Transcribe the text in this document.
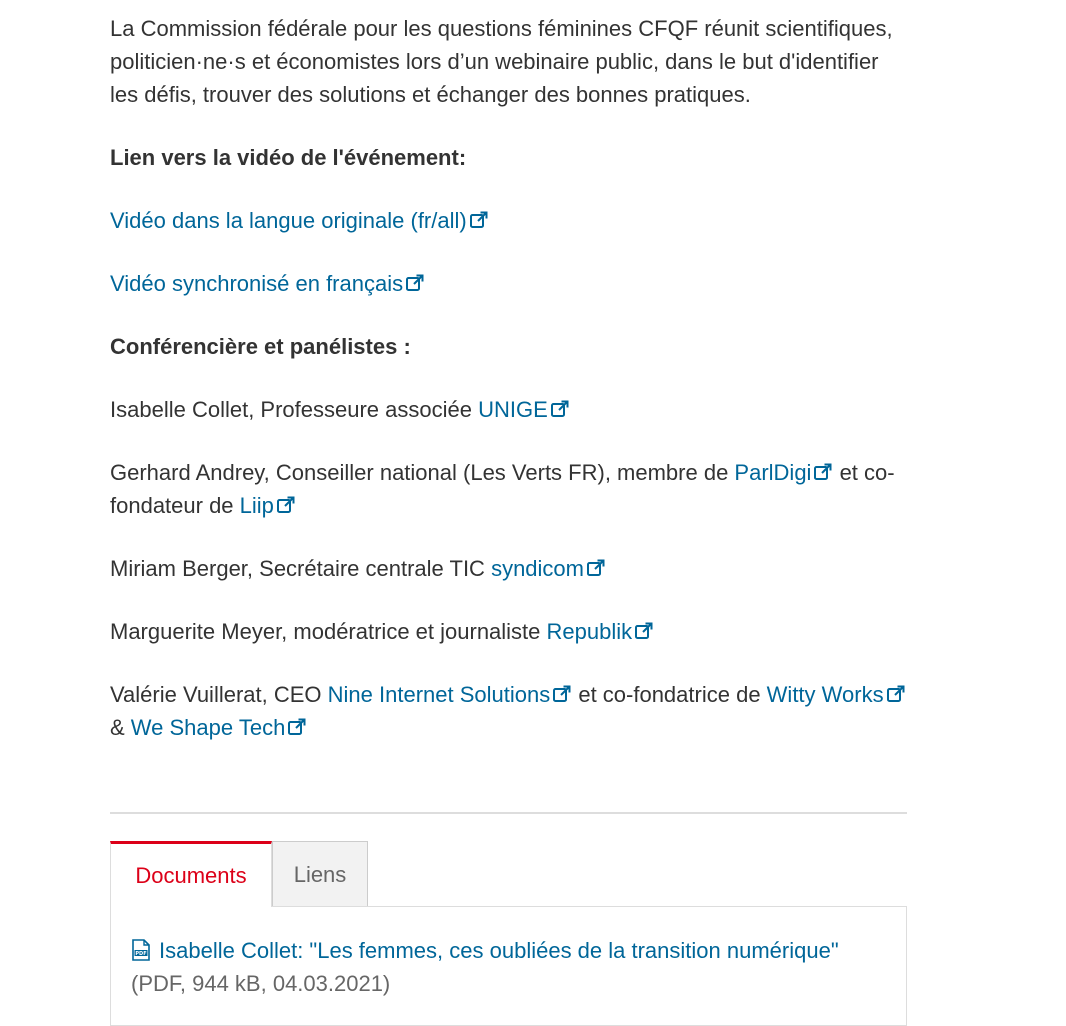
La Commission fédérale pour les questions féminines CFQF réunit scientifiques, politicien·ne·s et économistes lors d’un webinaire public, dans le but d'identifier les défis, trouver des solutions et échanger des bonnes pratiques.

Lien vers la vidéo de l'événement:

Vidéo dans la langue originale (fr/all)

Vidéo synchronisé en français

Conférencière et panélistes :

Isabelle Collet, Professeure associée UNIGE

Gerhard Andrey, Conseiller national (Les Verts FR), membre de ParlDigi
et co-fondateur de Liip

Miriam Berger, Secrétaire centrale TIC syndicom

Marguerite Meyer, modératrice et journaliste Republik

Valérie Vuillerat, CEO Nine Internet Solutions
et co-fondatrice de Witty Works
& We Shape Tech

Documents	Liens
PDF Isabelle Collet: "Les femmes, ces oubliées de la transition numérique"
(PDF, 944 kB, 04.03.2021)
